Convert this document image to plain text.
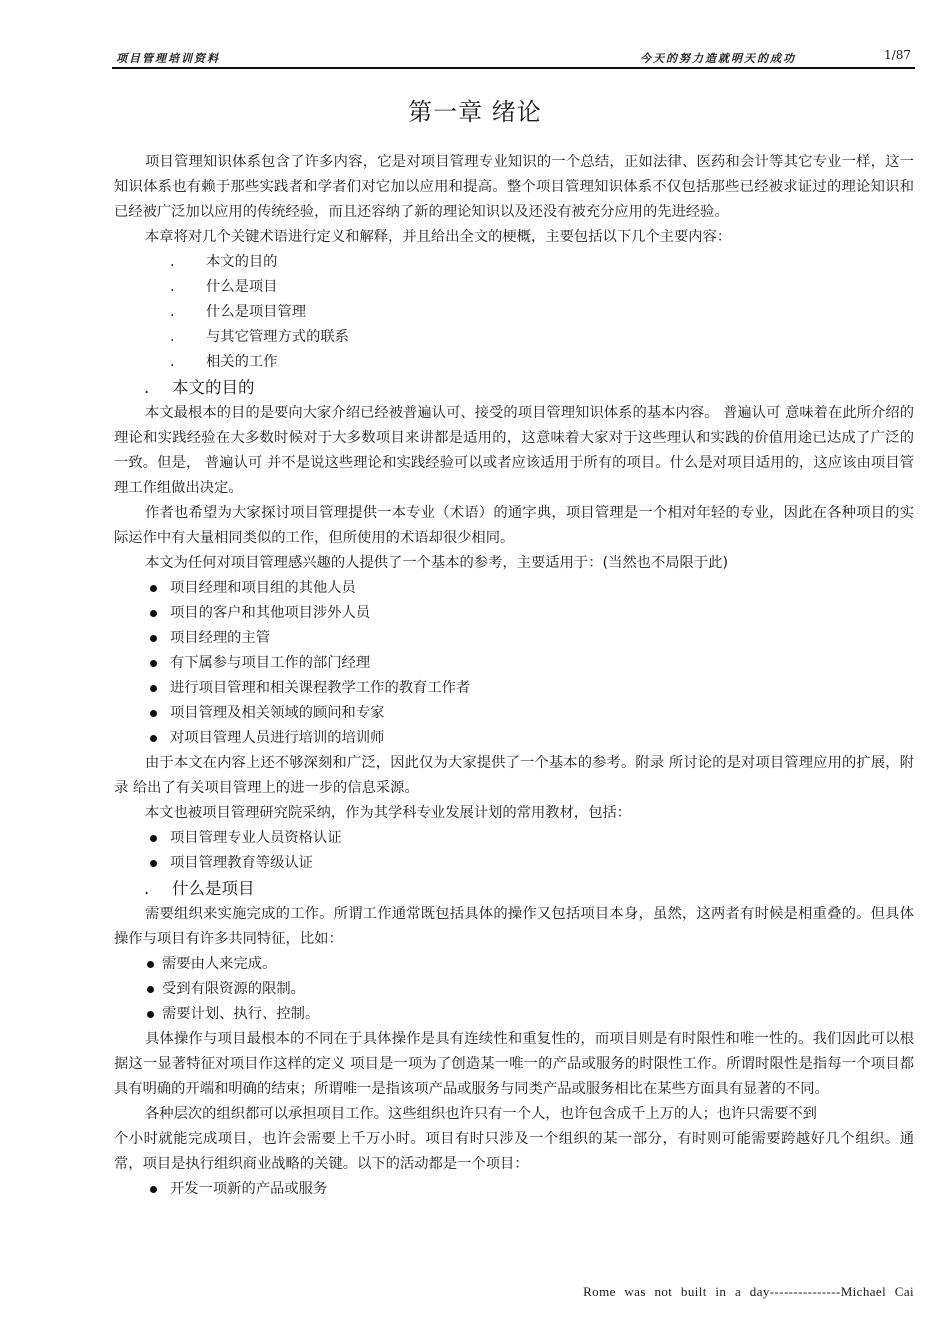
项目管理培训资料	今天的努力造就明天的成功	1/87
第一章 绪论

项目管理知识体系包含了许多内容，它是对项目管理专业知识的一个总结，正如法律、医药和会计等其它专业一样，这一知识体系也有赖于那些实践者和学者们对它加以应用和提高。整个项目管理知识体系不仅包括那些已经被求证过的理论知识和已经被广泛加以应用的传统经验，而且还容纳了新的理论知识以及还没有被充分应用的先进经验。

本章将对几个关键术语进行定义和解释，并且给出全文的梗概，主要包括以下几个主要内容：

. 本文的目的

. 什么是项目

. 什么是项目管理

. 与其它管理方式的联系

. 相关的工作

. 本文的目的

本文最根本的目的是要向大家介绍已经被普遍认可、接受的项目管理知识体系的基本内容。 普遍认可 意味着在此所介绍的理论和实践经验在大多数时候对于大多数项目来讲都是适用的，这意味着大家对于这些理认和实践的价值用途已达成了广泛的一致。但是， 普遍认可 并不是说这些理论和实践经验可以或者应该适用于所有的项目。什么是对项目适用的，这应该由项目管理工作组做出决定。

作者也希望为大家探讨项目管理提供一本专业（术语）的通字典，项目管理是一个相对年轻的专业，因此在各种项目的实际运作中有大量相同类似的工作，但所使用的术语却很少相同。

本文为任何对项目管理感兴趣的人提供了一个基本的参考，主要适用于：(当然也不局限于此)

项目经理和项目组的其他人员

项目的客户和其他项目涉外人员

项目经理的主管

有下属参与项目工作的部门经理

进行项目管理和相关课程教学工作的教育工作者

项目管理及相关领域的顾问和专家

对项目管理人员进行培训的培训师

由于本文在内容上还不够深刻和广泛，因此仅为大家提供了一个基本的参考。附录 所讨论的是对项目管理应用的扩展，附录 给出了有关项目管理上的进一步的信息采源。

本文也被项目管理研究院采纳，作为其学科专业发展计划的常用教材，包括：

项目管理专业人员资格认证

项目管理教育等级认证

. 什么是项目

需要组织来实施完成的工作。所谓工作通常既包括具体的操作又包括项目本身，虽然，这两者有时候是相重叠的。但具体操作与项目有许多共同特征，比如：

需要由人来完成。

受到有限资源的限制。

需要计划、执行、控制。

具体操作与项目最根本的不同在于具体操作是具有连续性和重复性的，而项目则是有时限性和唯一性的。我们因此可以根据这一显著特征对项目作这样的定义 项目是一项为了创造某一唯一的产品或服务的时限性工作。所谓时限性是指每一个项目都具有明确的开端和明确的结束；所谓唯一是指该项产品或服务与同类产品或服务相比在某些方面具有显著的不同。

各种层次的组织都可以承担项目工作。这些组织也许只有一个人，也许包含成千上万的人；也许只需要不到

个小时就能完成项目，也许会需要上千万小时。项目有时只涉及一个组织的某一部分，有时则可能需要跨越好几个组织。通常，项目是执行组织商业战略的关键。以下的活动都是一个项目：

开发一项新的产品或服务

Rome was not built in a day---------------Michael Cai
